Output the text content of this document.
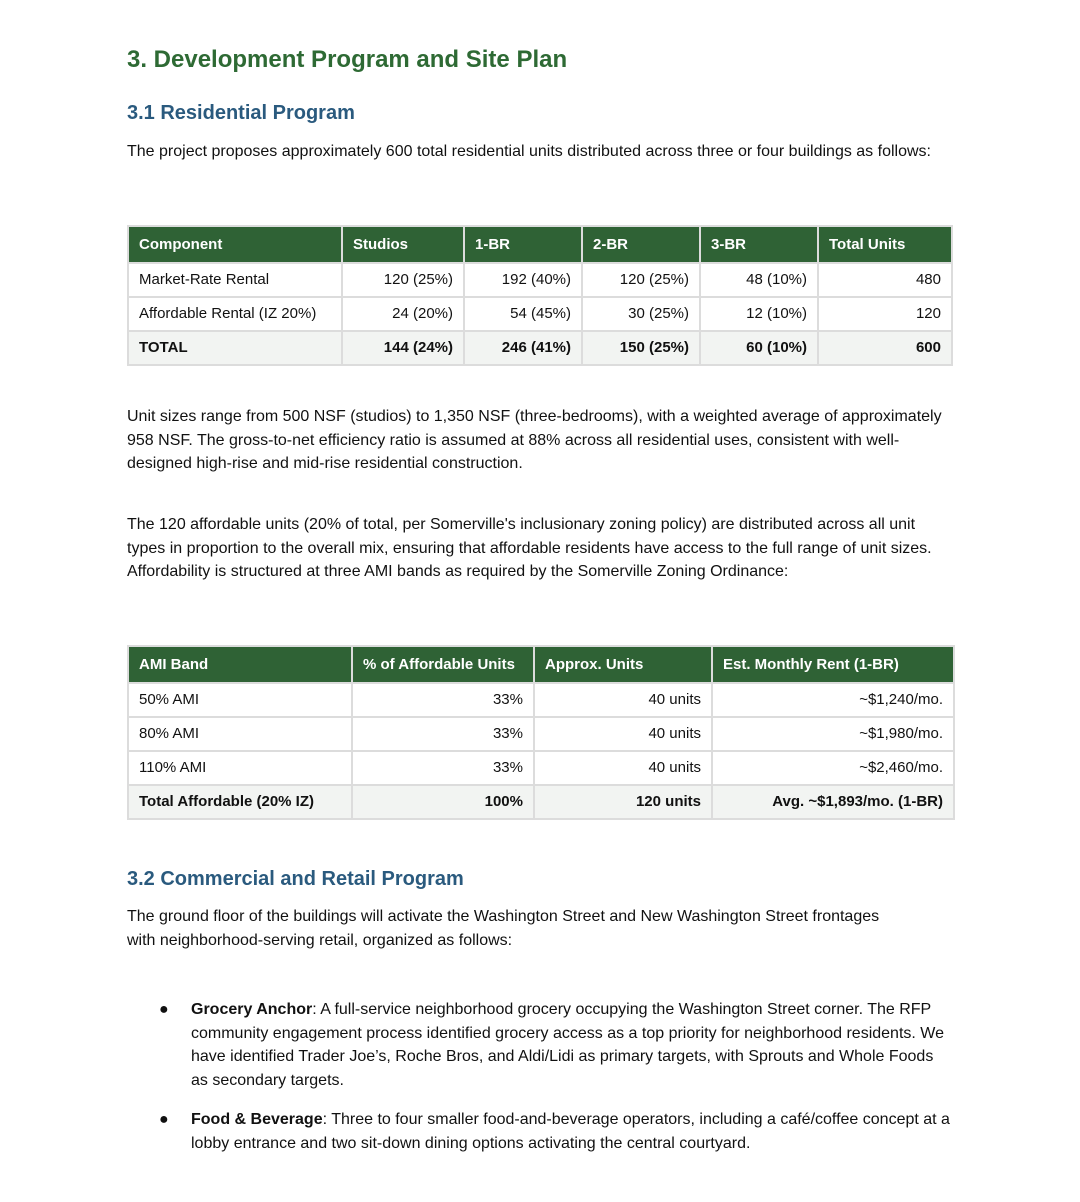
3. Development Program and Site Plan
3.1 Residential Program

The project proposes approximately 600 total residential units distributed across three or four buildings as follows:

Component	Studios	1-BR	2-BR	3-BR	Total Units
Market-Rate Rental	120 (25%)	192 (40%)	120 (25%)	48 (10%)	480
Affordable Rental (IZ 20%)	24 (20%)	54 (45%)	30 (25%)	12 (10%)	120
TOTAL	144 (24%)	246 (41%)	150 (25%)	60 (10%)	600

Unit sizes range from 500 NSF (studios) to 1,350 NSF (three-bedrooms), with a weighted average of approximately 958 NSF. The gross-to-net efficiency ratio is assumed at 88% across all residential uses, consistent with well-designed high-rise and mid-rise residential construction.

The 120 affordable units (20% of total, per Somerville's inclusionary zoning policy) are distributed across all unit types in proportion to the overall mix, ensuring that affordable residents have access to the full range of unit sizes. Affordability is structured at three AMI bands as required by the Somerville Zoning Ordinance:

AMI Band	% of Affordable Units	Approx. Units	Est. Monthly Rent (1-BR)
50% AMI	33%	40 units	~$1,240/mo.
80% AMI	33%	40 units	~$1,980/mo.
110% AMI	33%	40 units	~$2,460/mo.
Total Affordable (20% IZ)	100%	120 units	Avg. ~$1,893/mo. (1-BR)
3.2 Commercial and Retail Program

The ground floor of the buildings will activate the Washington Street and New Washington Street frontages with neighborhood-serving retail, organized as follows:

● Grocery Anchor: A full-service neighborhood grocery occupying the Washington Street corner. The RFP community engagement process identified grocery access as a top priority for neighborhood residents. We have identified Trader Joe’s, Roche Bros, and Aldi/Lidi as primary targets, with Sprouts and Whole Foods as secondary targets.
● Food & Beverage: Three to four smaller food-and-beverage operators, including a café/coffee concept at a lobby entrance and two sit-down dining options activating the central courtyard.
